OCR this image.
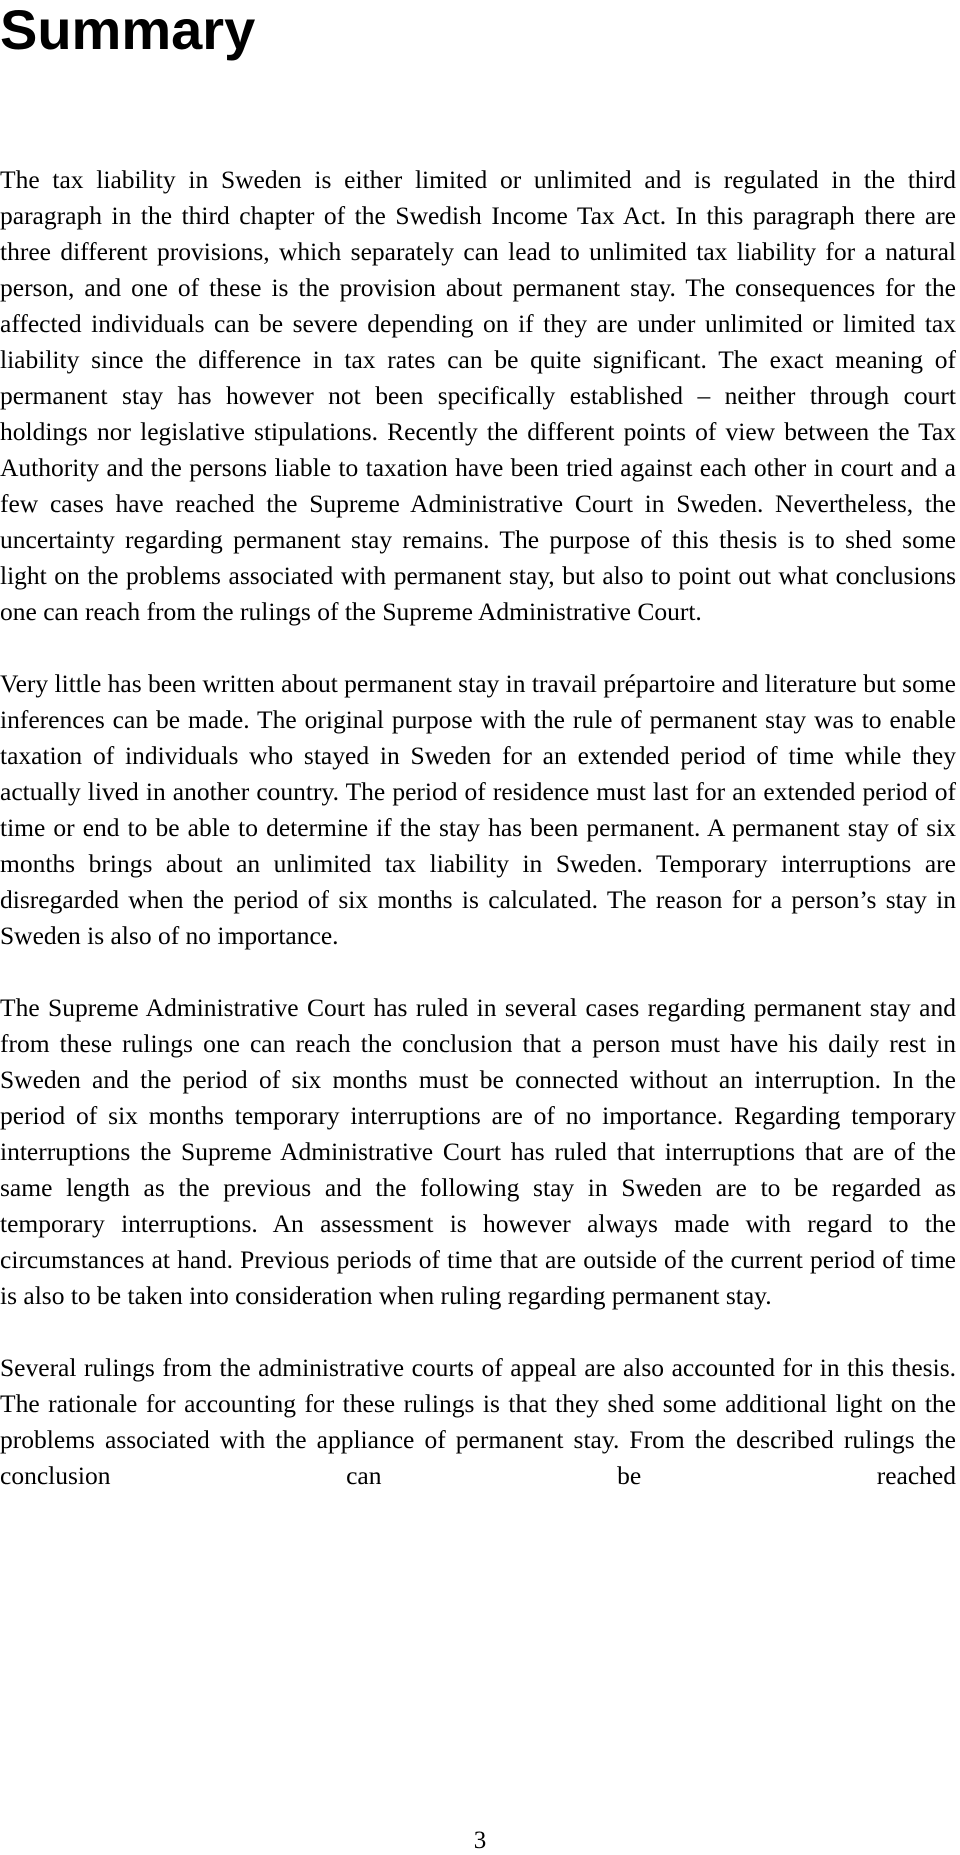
Summary

The tax liability in Sweden is either limited or unlimited and is regulated in the third paragraph in the third chapter of the Swedish Income Tax Act. In this paragraph there are three different provisions, which separately can lead to unlimited tax liability for a natural person, and one of these is the provision about permanent stay. The consequences for the affected individuals can be severe depending on if they are under unlimited or limited tax liability since the difference in tax rates can be quite significant. The exact meaning of permanent stay has however not been specifically established – neither through court holdings nor legislative stipulations. Recently the different points of view between the Tax Authority and the persons liable to taxation have been tried against each other in court and a few cases have reached the Supreme Administrative Court in Sweden. Nevertheless, the uncertainty regarding permanent stay remains. The purpose of this thesis is to shed some light on the problems associated with permanent stay, but also to point out what conclusions one can reach from the rulings of the Supreme Administrative Court.

Very little has been written about permanent stay in travail prépartoire and literature but some inferences can be made. The original purpose with the rule of permanent stay was to enable taxation of individuals who stayed in Sweden for an extended period of time while they actually lived in another country. The period of residence must last for an extended period of time or end to be able to determine if the stay has been permanent. A permanent stay of six months brings about an unlimited tax liability in Sweden. Temporary interruptions are disregarded when the period of six months is calculated. The reason for a person’s stay in Sweden is also of no importance.

The Supreme Administrative Court has ruled in several cases regarding permanent stay and from these rulings one can reach the conclusion that a person must have his daily rest in Sweden and the period of six months must be connected without an interruption. In the period of six months temporary interruptions are of no importance. Regarding temporary interruptions the Supreme Administrative Court has ruled that interruptions that are of the same length as the previous and the following stay in Sweden are to be regarded as temporary interruptions. An assessment is however always made with regard to the circumstances at hand. Previous periods of time that are outside of the current period of time is also to be taken into consideration when ruling regarding permanent stay.

Several rulings from the administrative courts of appeal are also accounted for in this thesis. The rationale for accounting for these rulings is that they shed some additional light on the problems associated with the appliance of permanent stay. From the described rulings the conclusion can be reached

3
